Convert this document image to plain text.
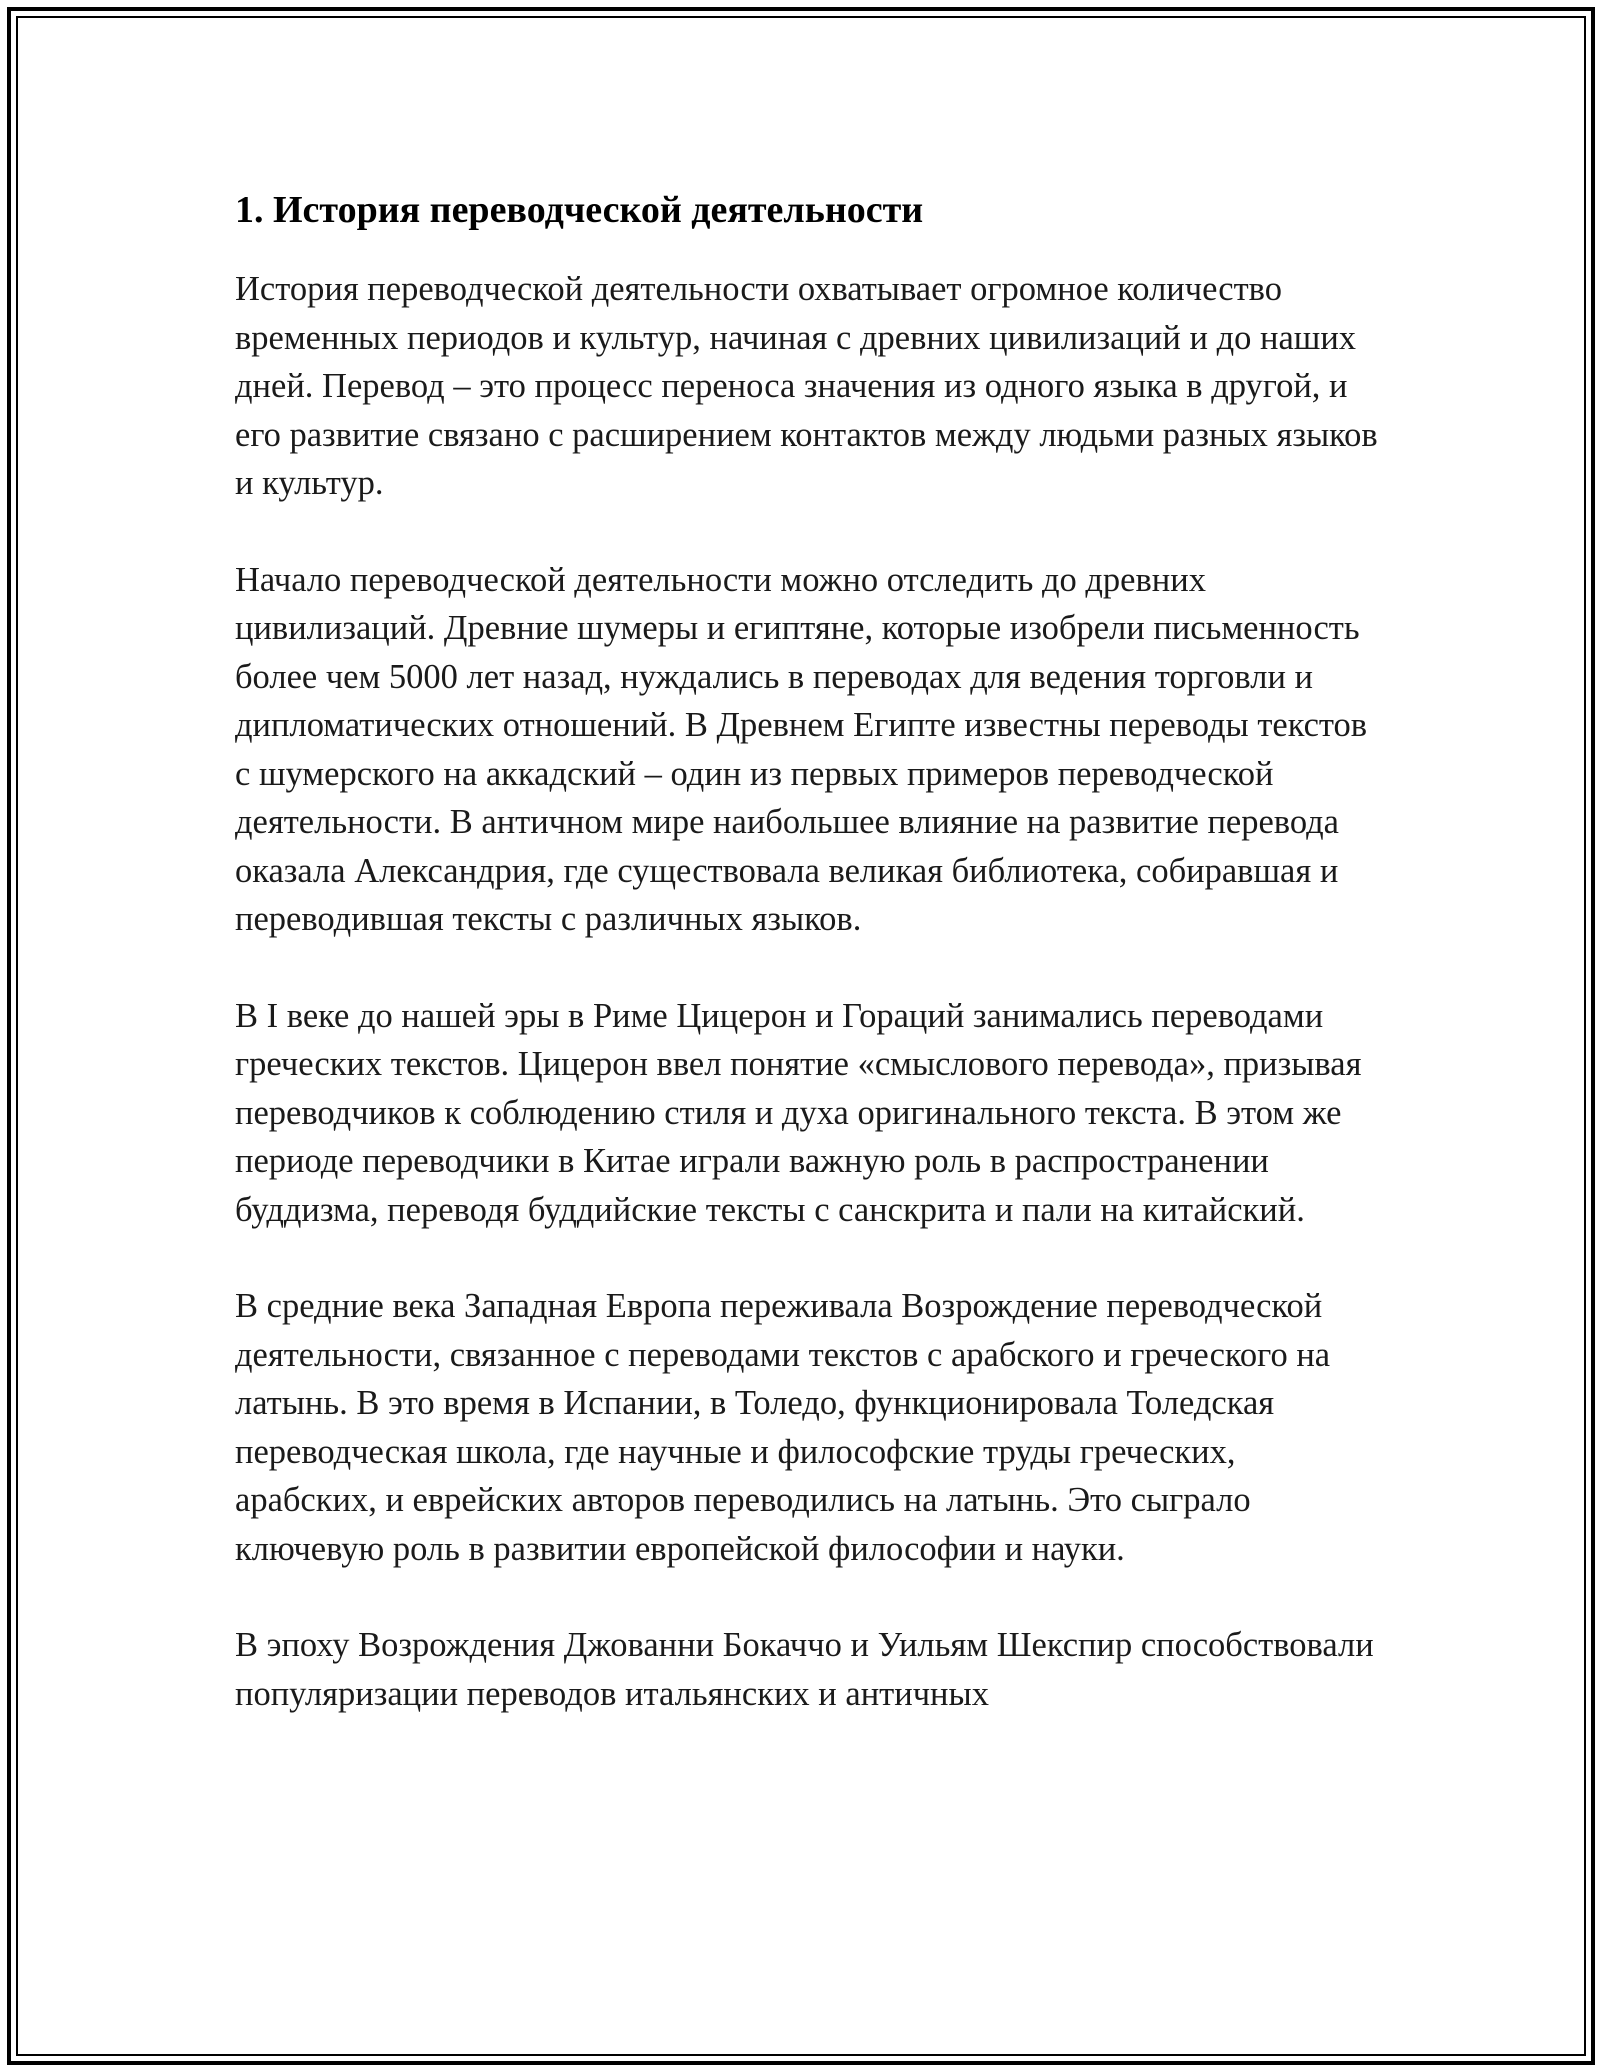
1. История переводческой деятельности

История переводческой деятельности охватывает огромное количество временных периодов и культур, начиная с древних цивилизаций и до наших дней. Перевод – это процесс переноса значения из одного языка в другой, и его развитие связано с расширением контактов между людьми разных языков и культур.

Начало переводческой деятельности можно отследить до древних цивилизаций. Древние шумеры и египтяне, которые изобрели письменность более чем 5000 лет назад, нуждались в переводах для ведения торговли и дипломатических отношений. В Древнем Египте известны переводы текстов с шумерского на аккадский – один из первых примеров переводческой деятельности. В античном мире наибольшее влияние на развитие перевода оказала Александрия, где существовала великая библиотека, собиравшая и переводившая тексты с различных языков.

В I веке до нашей эры в Риме Цицерон и Гораций занимались переводами греческих текстов. Цицерон ввел понятие «смыслового перевода», призывая переводчиков к соблюдению стиля и духа оригинального текста. В этом же периоде переводчики в Китае играли важную роль в распространении буддизма, переводя буддийские тексты с санскрита и пали на китайский.

В средние века Западная Европа переживала Возрождение переводческой деятельности, связанное с переводами текстов с арабского и греческого на латынь. В это время в Испании, в Толедо, функционировала Толедская переводческая школа, где научные и философские труды греческих, арабских, и еврейских авторов переводились на латынь. Это сыграло ключевую роль в развитии европейской философии и науки.

В эпоху Возрождения Джованни Бокаччо и Уильям Шекспир способствовали популяризации переводов итальянских и античных
